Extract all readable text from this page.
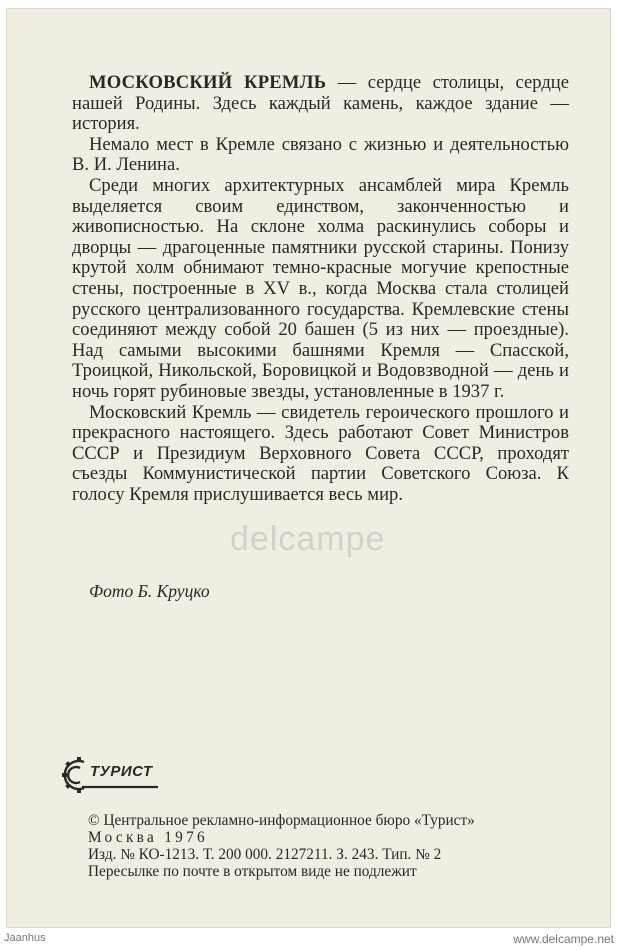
delcampe

МОСКОВСКИЙ КРЕМЛЬ — сердце столицы, сердце нашей Родины. Здесь каждый камень, каждое здание — история.

Немало мест в Кремле связано с жизнью и деятельностью В. И. Ленина.

Среди многих архитектурных ансамблей мира Кремль выделяется своим единством, законченностью и живописностью. На склоне холма раскинулись соборы и дворцы — драгоценные памятники русской старины. Понизу крутой холм обнимают темно-красные могучие крепостные стены, построенные в XV в., когда Москва стала столицей русского централизованного государства. Кремлевские стены соединяют между собой 20 башен (5 из них — проездные). Над самыми высокими башнями Кремля — Спасской, Троицкой, Никольской, Боровицкой и Водовзводной — день и ночь горят рубиновые звезды, установленные в 1937 г.

Московский Кремль — свидетель героического прошлого и прекрасного настоящего. Здесь работают Совет Министров СССР и Президиум Верховного Совета СССР, проходят съезды Коммунистической партии Советского Союза. К голосу Кремля прислушивается весь мир.

Фото Б. Круцко
ТУРИСТ
© Центральное рекламно-информационное бюро «Турист»
Москва 1976
Изд. № КО-1213. Т. 200 000. 2127211. З. 243. Тип. № 2
Пересылке по почте в открытом виде не подлежит
Jaanhus	www.delcampe.net
